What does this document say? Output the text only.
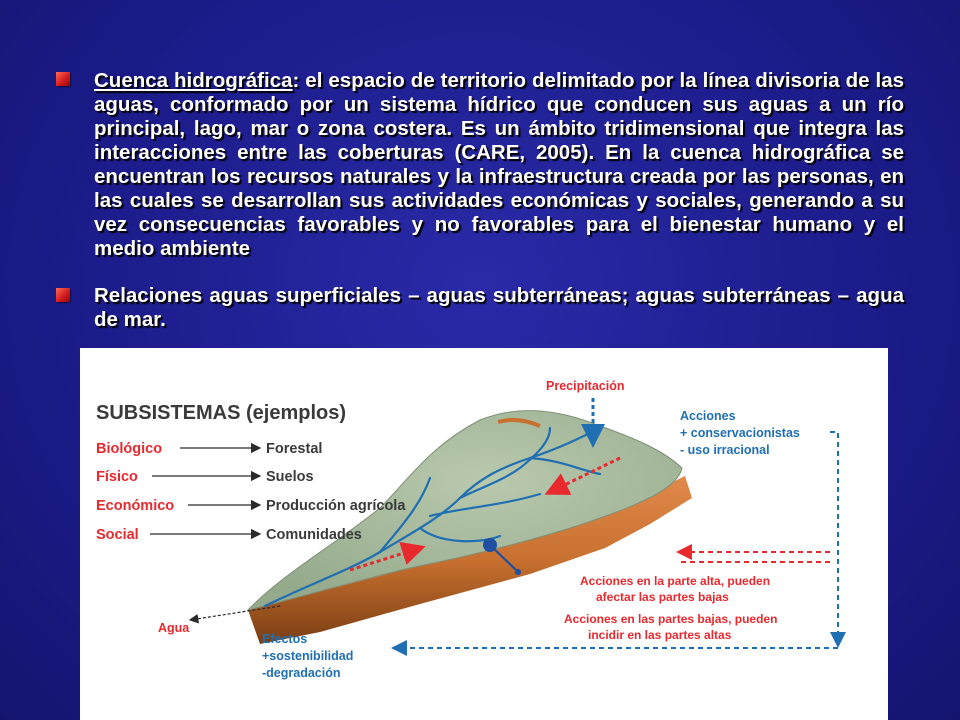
Cuenca hidrográfica: el espacio de territorio delimitado por la línea divisoria de las aguas, conformado por un sistema hídrico que conducen sus aguas a un río principal, lago, mar o zona costera. Es un ámbito tridimensional que integra las interacciones entre las coberturas (CARE, 2005). En la cuenca hidrográfica se encuentran los recursos naturales y la infraestructura creada por las personas, en las cuales se desarrollan sus actividades económicas y sociales, generando a su vez consecuencias favorables y no favorables para el bienestar humano y el medio ambiente

Relaciones aguas superficiales – aguas subterráneas; aguas subterráneas – agua de mar.

SUBSISTEMAS (ejemplos)
Biológico
Físico
Económico
Social
Forestal
Suelos
Producción agrícola
Comunidades
Precipitación
Acciones
+ conservacionistas
- uso irracional
Acciones en la parte alta, pueden
afectar las partes bajas
Acciones en las partes bajas, pueden
incidir en las partes altas
Agua
Efectos
+sostenibilidad
-degradación
